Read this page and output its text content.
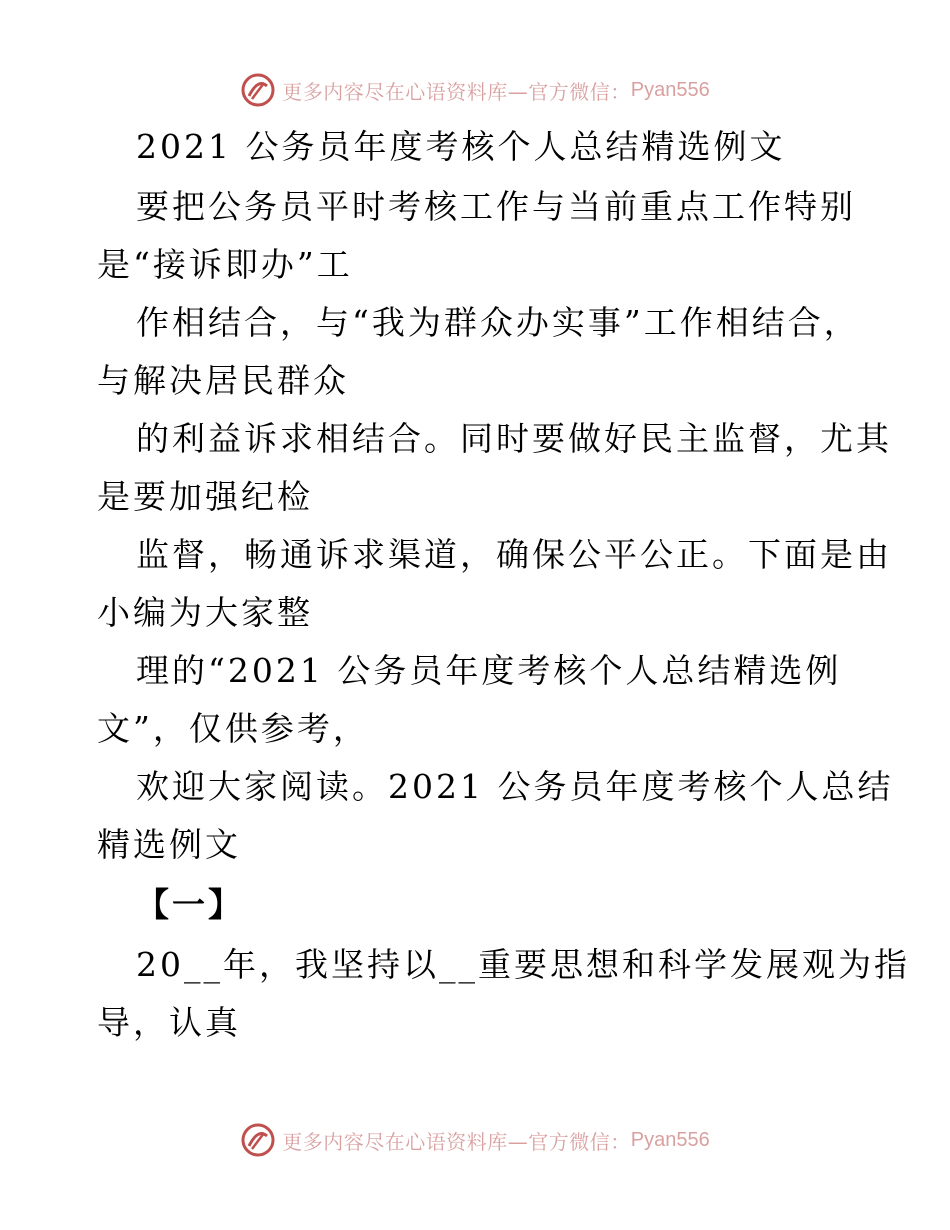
更多内容尽在心语资料库—官方微信： Pyan556
2021 公务员年度考核个人总结精选例文
要把公务员平时考核工作与当前重点工作特别
是“接诉即办”工
作相结合，与“我为群众办实事”工作相结合，
与解决居民群众
的利益诉求相结合。同时要做好民主监督，尤其
是要加强纪检
监督，畅通诉求渠道，确保公平公正。下面是由
小编为大家整
理的“2021 公务员年度考核个人总结精选例
文”，仅供参考，
欢迎大家阅读。2021 公务员年度考核个人总结
精选例文
【一】
20__年，我坚持以__重要思想和科学发展观为指
导，认真
更多内容尽在心语资料库—官方微信： Pyan556
